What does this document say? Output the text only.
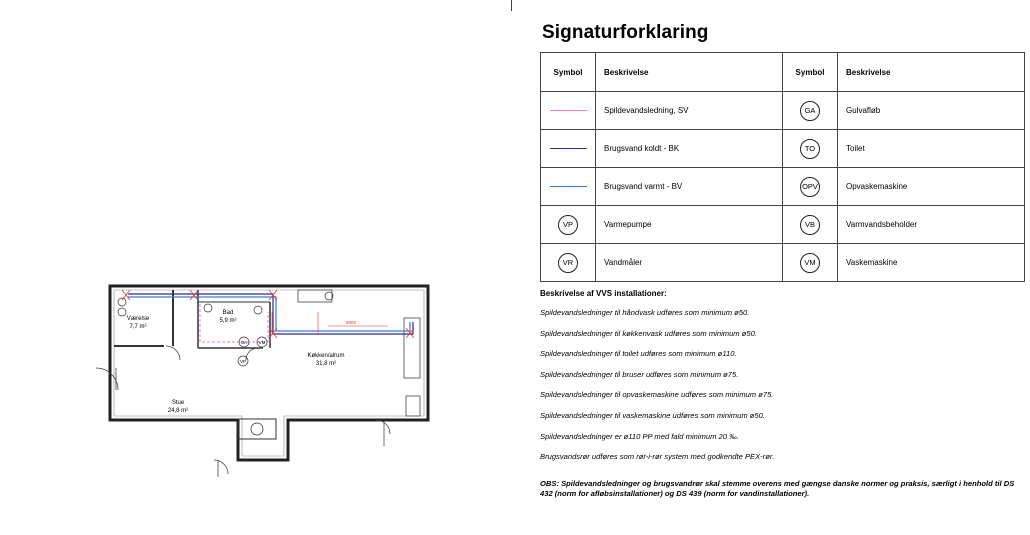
VP
GA	VM
Værelse
7,7 m²
Bad
5,9 m²
Køkken/alrum
31,8 m²
Stue
24,8 m²
9000
Signaturforklaring
Symbol	Beskrivelse	Symbol	Beskrivelse
	Spildevandsledning, SV	GA	Gulvafløb
	Brugsvand koldt - BK	TO	Toilet
	Brugsvand varmt - BV	OPV	Opvaskemaskine
VP	Varmepumpe	VB	Varmvandsbeholder
VR	Vandmåler	VM	Vaskemaskine
Beskrivelse af VVS installationer:
Spildevandsledninger til håndvask udføres som minimum ø50.
Spildevandsledninger til køkkenvask udføres som minimum ø50.
Spildevandsledninger til toilet udføres som minimum ø110.
Spildevandsledninger til bruser udføres som minimum ø75.
Spildevandsledninger til opvaskemaskine udføres som minimum ø75.
Spildevandsledninger til vaskemaskine udføres som minimum ø50.
Spildevandsledninger er ø110 PP med fald minimum 20 ‰.
Brugsvandsrør udføres som rør-i-rør system med godkendte PEX-rør.
OBS: Spildevandsledninger og brugsvandrør skal stemme overens med gængse danske normer og praksis, særligt i henhold til DS 432 (norm for afløbsinstallationer) og DS 439 (norm for vandinstallationer).
